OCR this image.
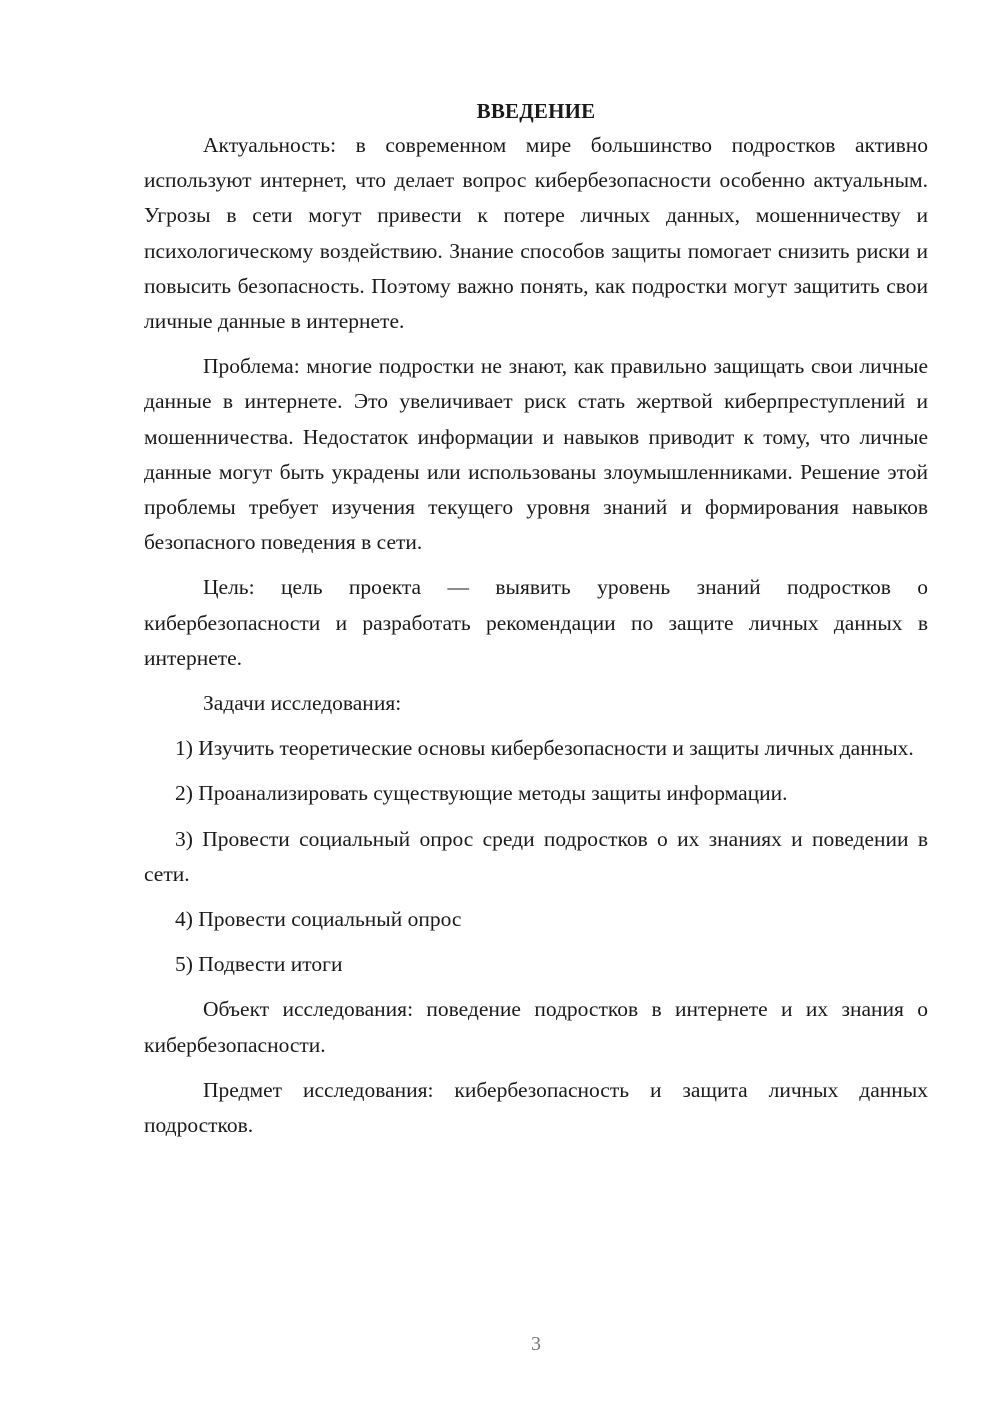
ВВЕДЕНИЕ

Актуальность: в современном мире большинство подростков активно используют интернет, что делает вопрос кибербезопасности особенно актуальным. Угрозы в сети могут привести к потере личных данных, мошенничеству и психологическому воздействию. Знание способов защиты помогает снизить риски и повысить безопасность. Поэтому важно понять, как подростки могут защитить свои личные данные в интернете.

Проблема: многие подростки не знают, как правильно защищать свои личные данные в интернете. Это увеличивает риск стать жертвой киберпреступлений и мошенничества. Недостаток информации и навыков приводит к тому, что личные данные могут быть украдены или использованы злоумышленниками. Решение этой проблемы требует изучения текущего уровня знаний и формирования навыков безопасного поведения в сети.

Цель: цель проекта — выявить уровень знаний подростков о кибербезопасности и разработать рекомендации по защите личных данных в интернете.

Задачи исследования:

1) Изучить теоретические основы кибербезопасности и защиты личных данных.

2) Проанализировать существующие методы защиты информации.

3) Провести социальный опрос среди подростков о их знаниях и поведении в сети.

4) Провести социальный опрос

5) Подвести итоги

Объект исследования: поведение подростков в интернете и их знания о кибербезопасности.

Предмет исследования: кибербезопасность и защита личных данных подростков.

3
